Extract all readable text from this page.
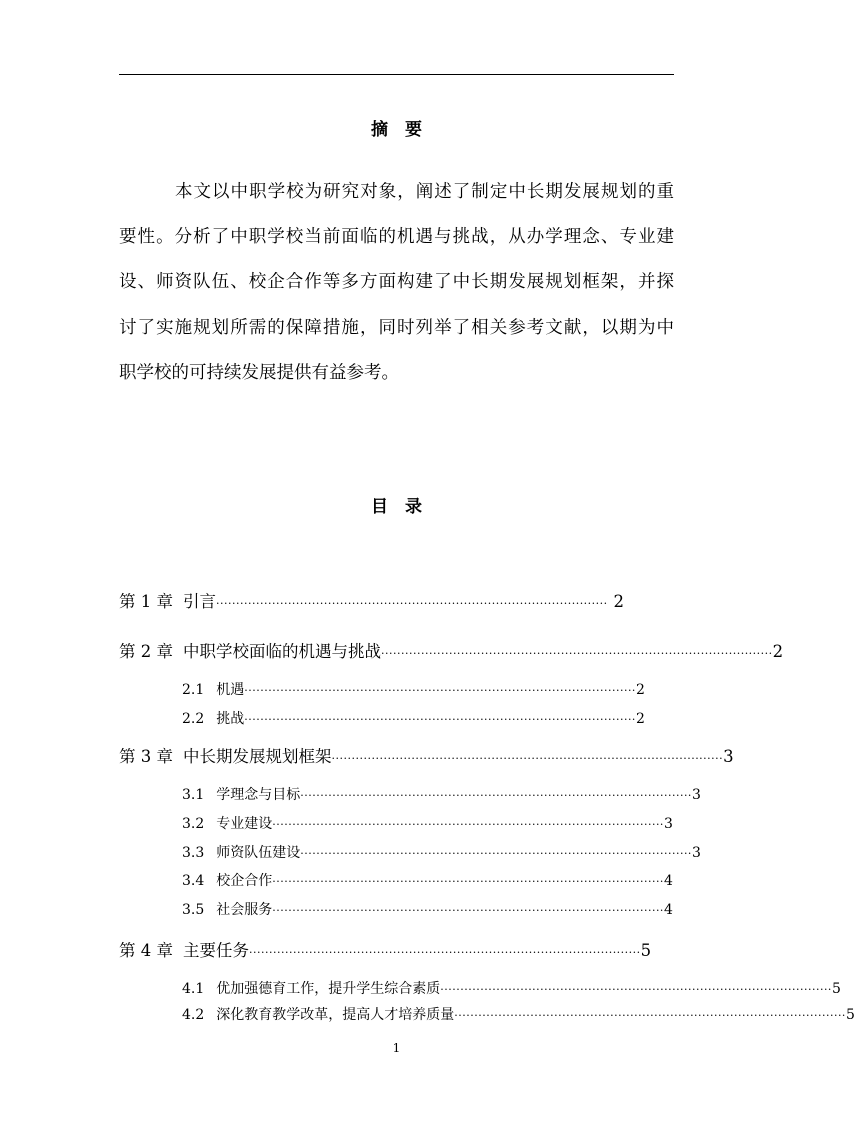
摘　要
本文以中职学校为研究对象，阐述了制定中长期发展规划的重
要性。分析了中职学校当前面临的机遇与挑战，从办学理念、专业建
设、师资队伍、校企合作等多方面构建了中长期发展规划框架，并探
讨了实施规划所需的保障措施，同时列举了相关参考文献，以期为中
职学校的可持续发展提供有益参考。
目　录
第 1 章 引言 ·································································································· 2
第 2 章 中职学校面临的机遇与挑战 ·································································································· 2
2.1 机遇 ·································································································· 2
2.2 挑战 ·································································································· 2
第 3 章 中长期发展规划框架 ·································································································· 3
3.1 学理念与目标 ·································································································· 3
3.2 专业建设 ·································································································· 3
3.3 师资队伍建设 ·································································································· 3
3.4 校企合作 ·································································································· 4
3.5 社会服务 ·································································································· 4
第 4 章 主要任务 ·································································································· 5
4.1 优加强德育工作，提升学生综合素质 ·································································································· 5
4.2 深化教育教学改革，提高人才培养质量 ·································································································· 5
1
